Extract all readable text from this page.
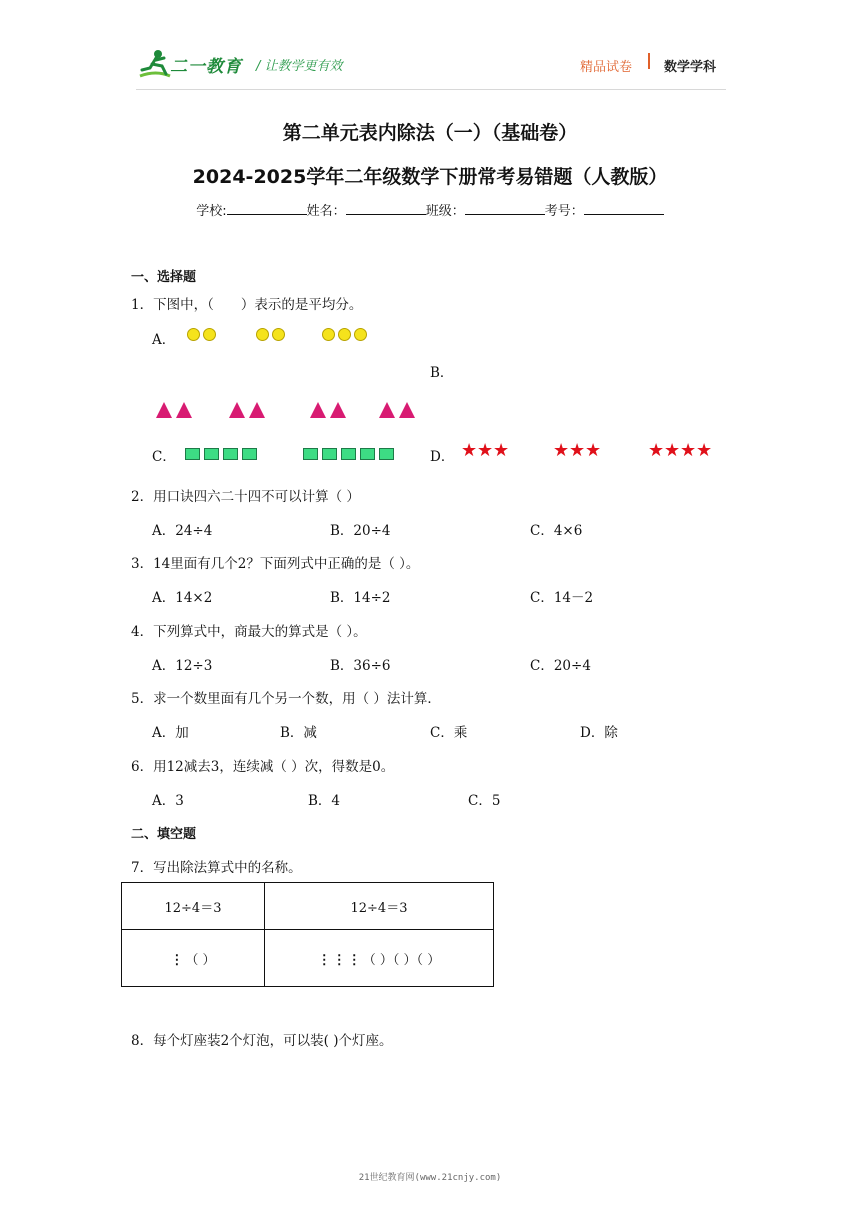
二一教育 / 让教学更有效	精品试卷 数学学科
第二单元表内除法（一）（基础卷）
2024-2025学年二年级数学下册常考易错题（人教版）
学校:	姓名：	班级：	考号：
一、选择题
1．下图中，（　　）表示的是平均分。
A．
B．
C．	D． ★ ★ ★ ★ ★ ★	★ ★ ★ ★
2．用口诀四六二十四不可以计算（ ）
A．24÷4	B．20÷4	C．4×6
3．14里面有几个2？下面列式中正确的是（ ）。
A．14×2	B．14÷2	C．14－2
4．下列算式中，商最大的算式是（ ）。
A．12÷3	B．36÷6	C．20÷4
5．求一个数里面有几个另一个数，用（ ）法计算．
A．加	B．减	C．乘	D．除
6．用12减去3，连续减（ ）次，得数是0。
A．3	B．4	C．5
二、填空题
7．写出除法算式中的名称。
12÷4＝3	12÷4＝3
⋮（ ）	⋮⋮⋮（ ）（ ）（ ）
8．每个灯座装2个灯泡，可以装( )个灯座。
21世纪教育网(www.21cnjy.com)
